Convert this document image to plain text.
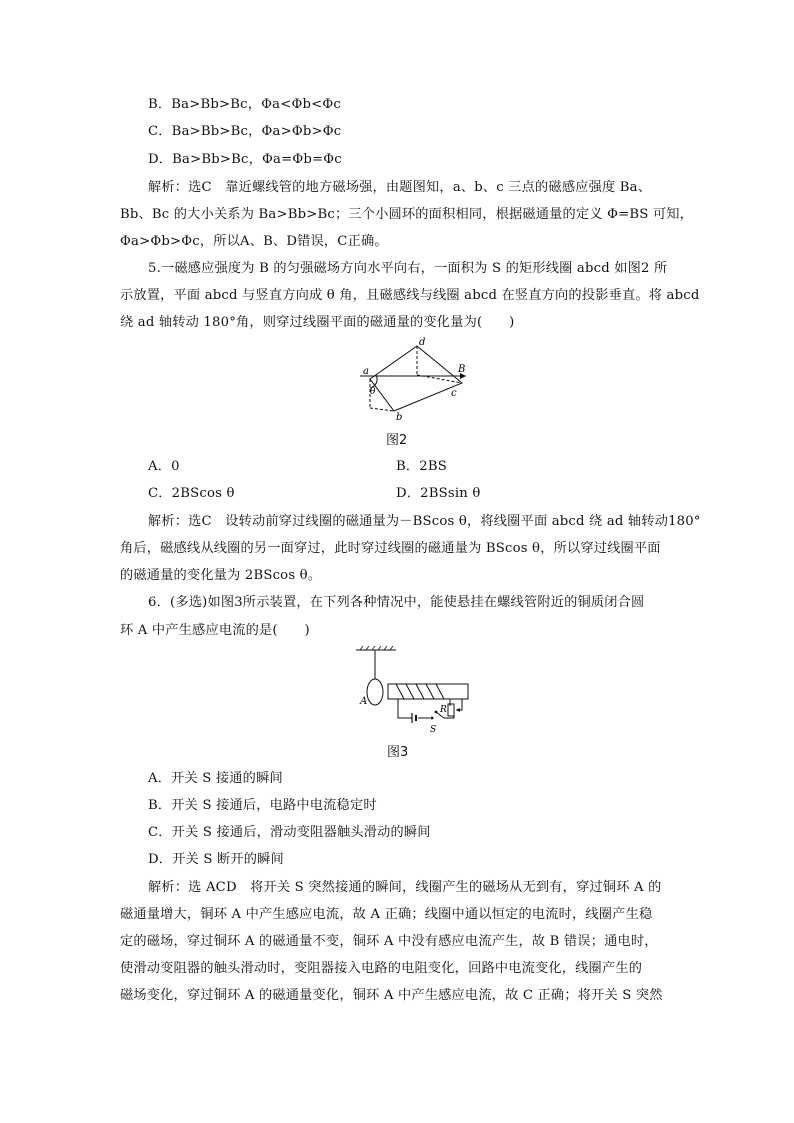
B．Ba>Bb>Bc，Φa<Φb<Φc
C．Ba>Bb>Bc，Φa>Φb>Φc
D．Ba>Bb>Bc，Φa=Φb=Φc
解析：选C　靠近螺线管的地方磁场强，由题图知，a、b、c 三点的磁感应强度 Ba、
Bb、Bc 的大小关系为 Ba>Bb>Bc；三个小圆环的面积相同，根据磁通量的定义 Φ=BS 可知，
Φa>Φb>Φc，所以A、B、D错误，C正确。
5.一磁感应强度为 B 的匀强磁场方向水平向右，一面积为 S 的矩形线圈 abcd 如图2 所
示放置，平面 abcd 与竖直方向成 θ 角，且磁感线与线圈 abcd 在竖直方向的投影垂直。将 abcd
绕 ad 轴转动 180°角，则穿过线圈平面的磁通量的变化量为(　　)
a
d
b
c
θ
B
图2
A．0	B．2BS
C．2BScos θ	D．2BSsin θ
解析：选C　设转动前穿过线圈的磁通量为－BScos θ，将线圈平面 abcd 绕 ad 轴转动180°
角后，磁感线从线圈的另一面穿过，此时穿过线圈的磁通量为 BScos θ，所以穿过线圈平面
的磁通量的变化量为 2BScos θ。
6．(多选)如图3所示装置，在下列各种情况中，能使悬挂在螺线管附近的铜质闭合圆
环 A 中产生感应电流的是(　　)
A
R
S
图3
A．开关 S 接通的瞬间
B．开关 S 接通后，电路中电流稳定时
C．开关 S 接通后，滑动变阻器触头滑动的瞬间
D．开关 S 断开的瞬间
解析：选 ACD　将开关 S 突然接通的瞬间，线圈产生的磁场从无到有，穿过铜环 A 的
磁通量增大，铜环 A 中产生感应电流，故 A 正确；线圈中通以恒定的电流时，线圈产生稳
定的磁场，穿过铜环 A 的磁通量不变，铜环 A 中没有感应电流产生，故 B 错误；通电时，
使滑动变阻器的触头滑动时，变阻器接入电路的电阻变化，回路中电流变化，线圈产生的
磁场变化，穿过铜环 A 的磁通量变化，铜环 A 中产生感应电流，故 C 正确；将开关 S 突然
